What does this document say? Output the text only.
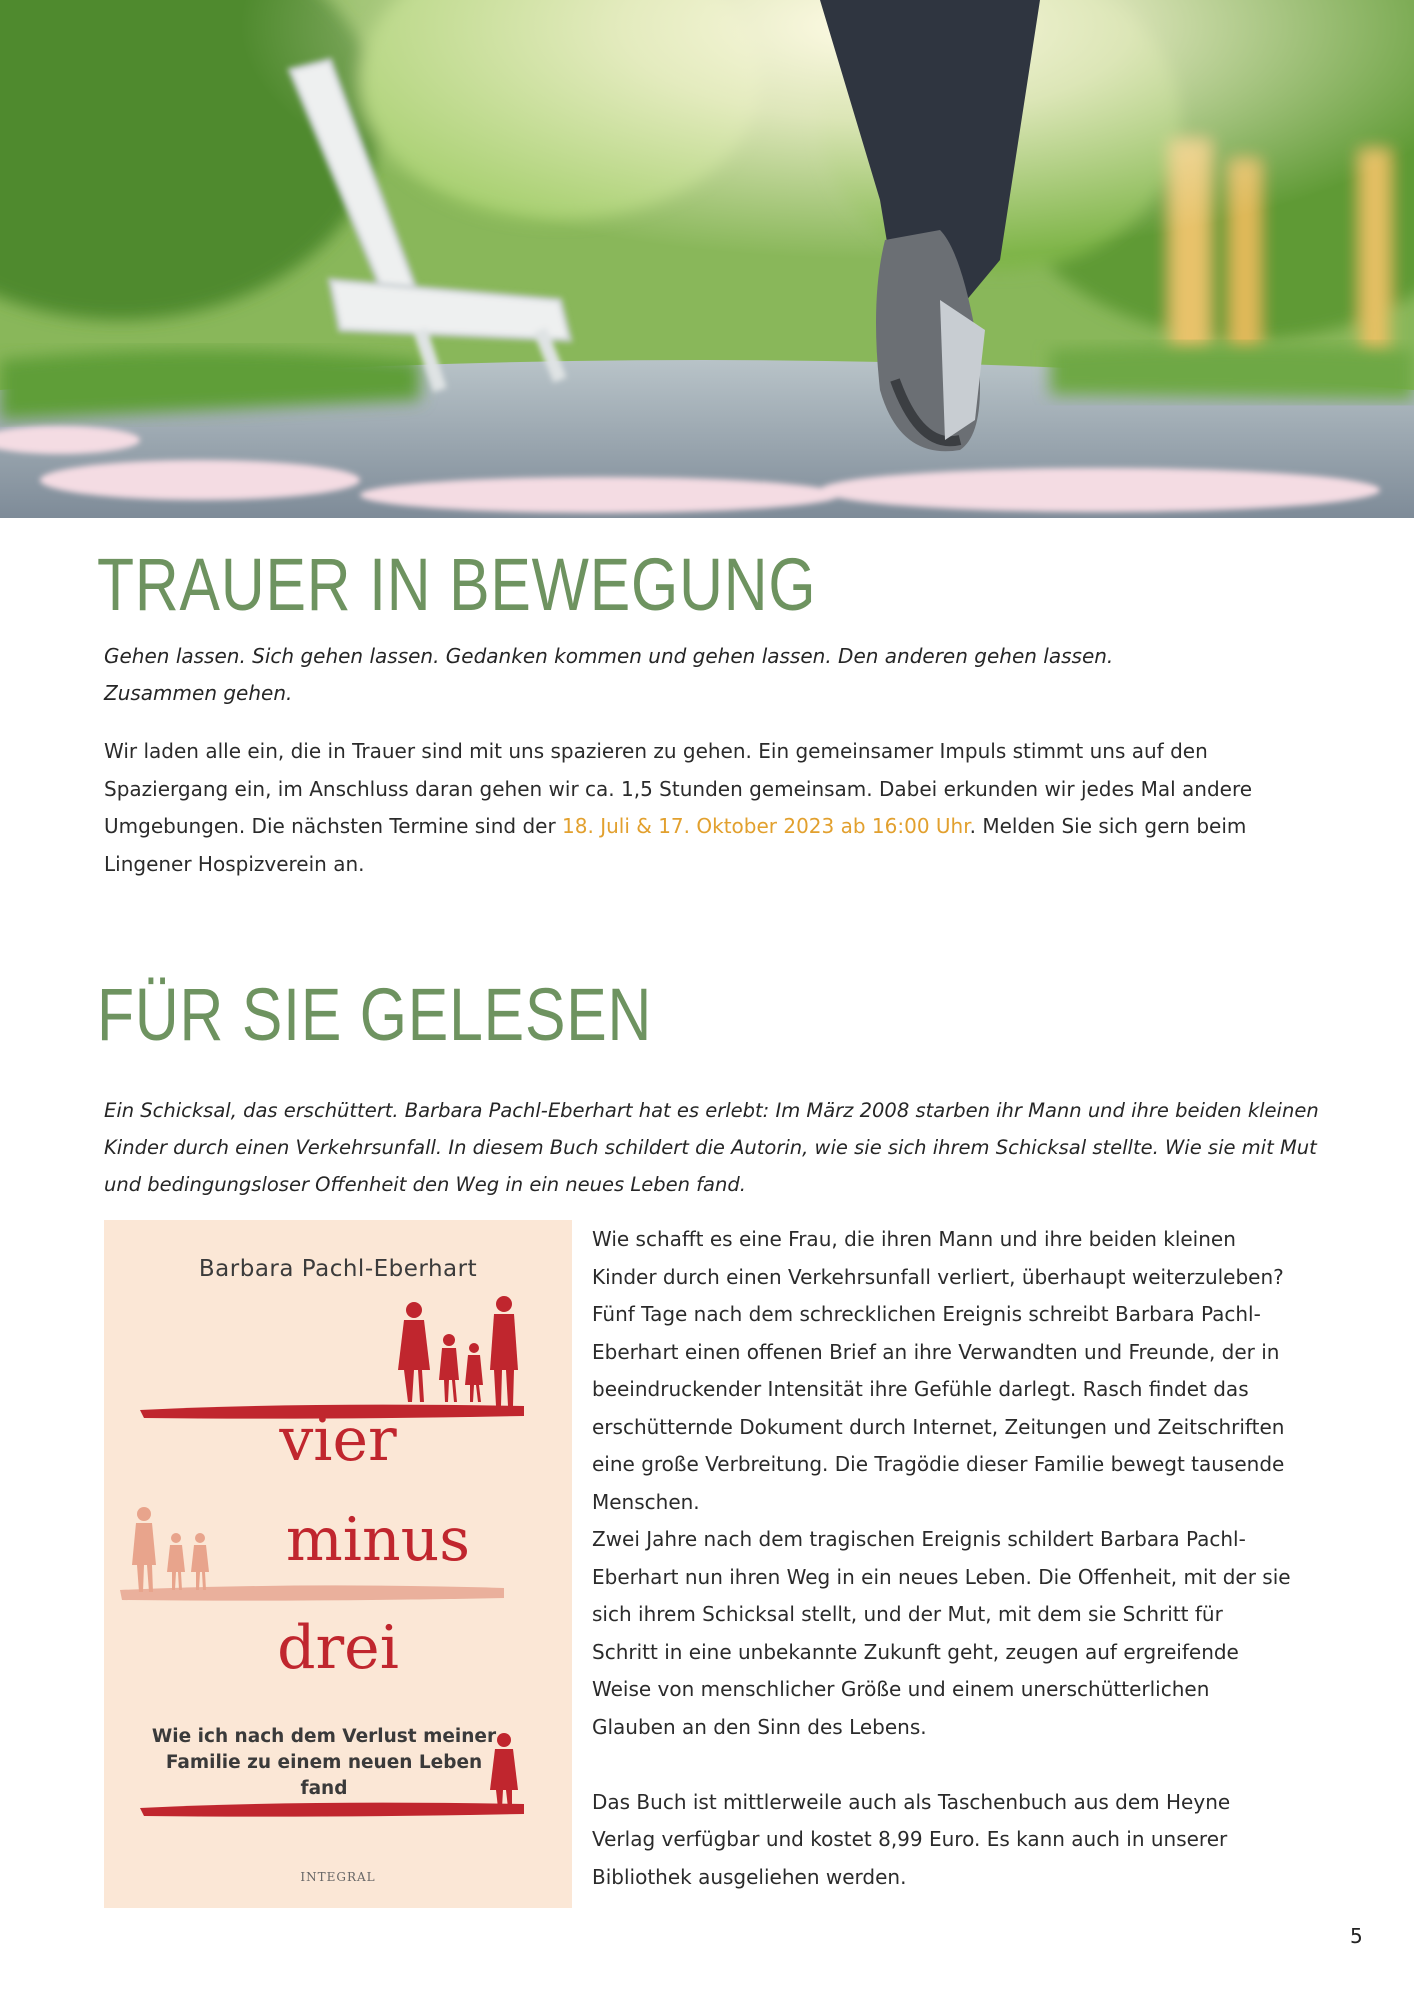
TRAUER IN BEWEGUNG
Gehen lassen. Sich gehen lassen. Gedanken kommen und gehen lassen. Den anderen gehen lassen.
Zusammen gehen.

Wir laden alle ein, die in Trauer sind mit uns spazieren zu gehen. Ein gemeinsamer Impuls stimmt uns auf den Spaziergang ein, im Anschluss daran gehen wir ca. 1,5 Stunden gemeinsam. Dabei erkunden wir jedes Mal andere Umgebungen. Die nächsten Termine sind der 18. Juli & 17. Oktober 2023 ab 16:00 Uhr. Melden Sie sich gern beim Lingener Hospizverein an.

FÜR SIE GELESEN

Ein Schicksal, das erschüttert. Barbara Pachl-Eberhart hat es erlebt: Im März 2008 starben ihr Mann und ihre beiden kleinen Kinder durch einen Verkehrsunfall. In diesem Buch schildert die Autorin, wie sie sich ihrem Schicksal stellte. Wie sie mit Mut und bedingungsloser Offenheit den Weg in ein neues Leben fand.

Barbara Pachl-Eberhart
vier
minus
drei
Wie ich nach dem Verlust meiner Familie zu einem neuen Leben fand
INTEGRAL

Wie schafft es eine Frau, die ihren Mann und ihre beiden kleinen Kinder durch einen Verkehrsunfall verliert, überhaupt weiterzuleben? Fünf Tage nach dem schrecklichen Ereignis schreibt Barbara Pachl-Eberhart einen offenen Brief an ihre Verwandten und Freunde, der in beeindruckender Intensität ihre Gefühle darlegt. Rasch findet das erschütternde Dokument durch Internet, Zeitungen und Zeitschriften eine große Verbreitung. Die Tragödie dieser Familie bewegt tausende Menschen.

Zwei Jahre nach dem tragischen Ereignis schildert Barbara Pachl-Eberhart nun ihren Weg in ein neues Leben. Die Offenheit, mit der sie sich ihrem Schicksal stellt, und der Mut, mit dem sie Schritt für Schritt in eine unbekannte Zukunft geht, zeugen auf ergreifende Weise von menschlicher Größe und einem unerschütterlichen Glauben an den Sinn des Lebens.

Das Buch ist mittlerweile auch als Taschenbuch aus dem Heyne Verlag verfügbar und kostet 8,99 Euro. Es kann auch in unserer Bibliothek ausgeliehen werden.

5
